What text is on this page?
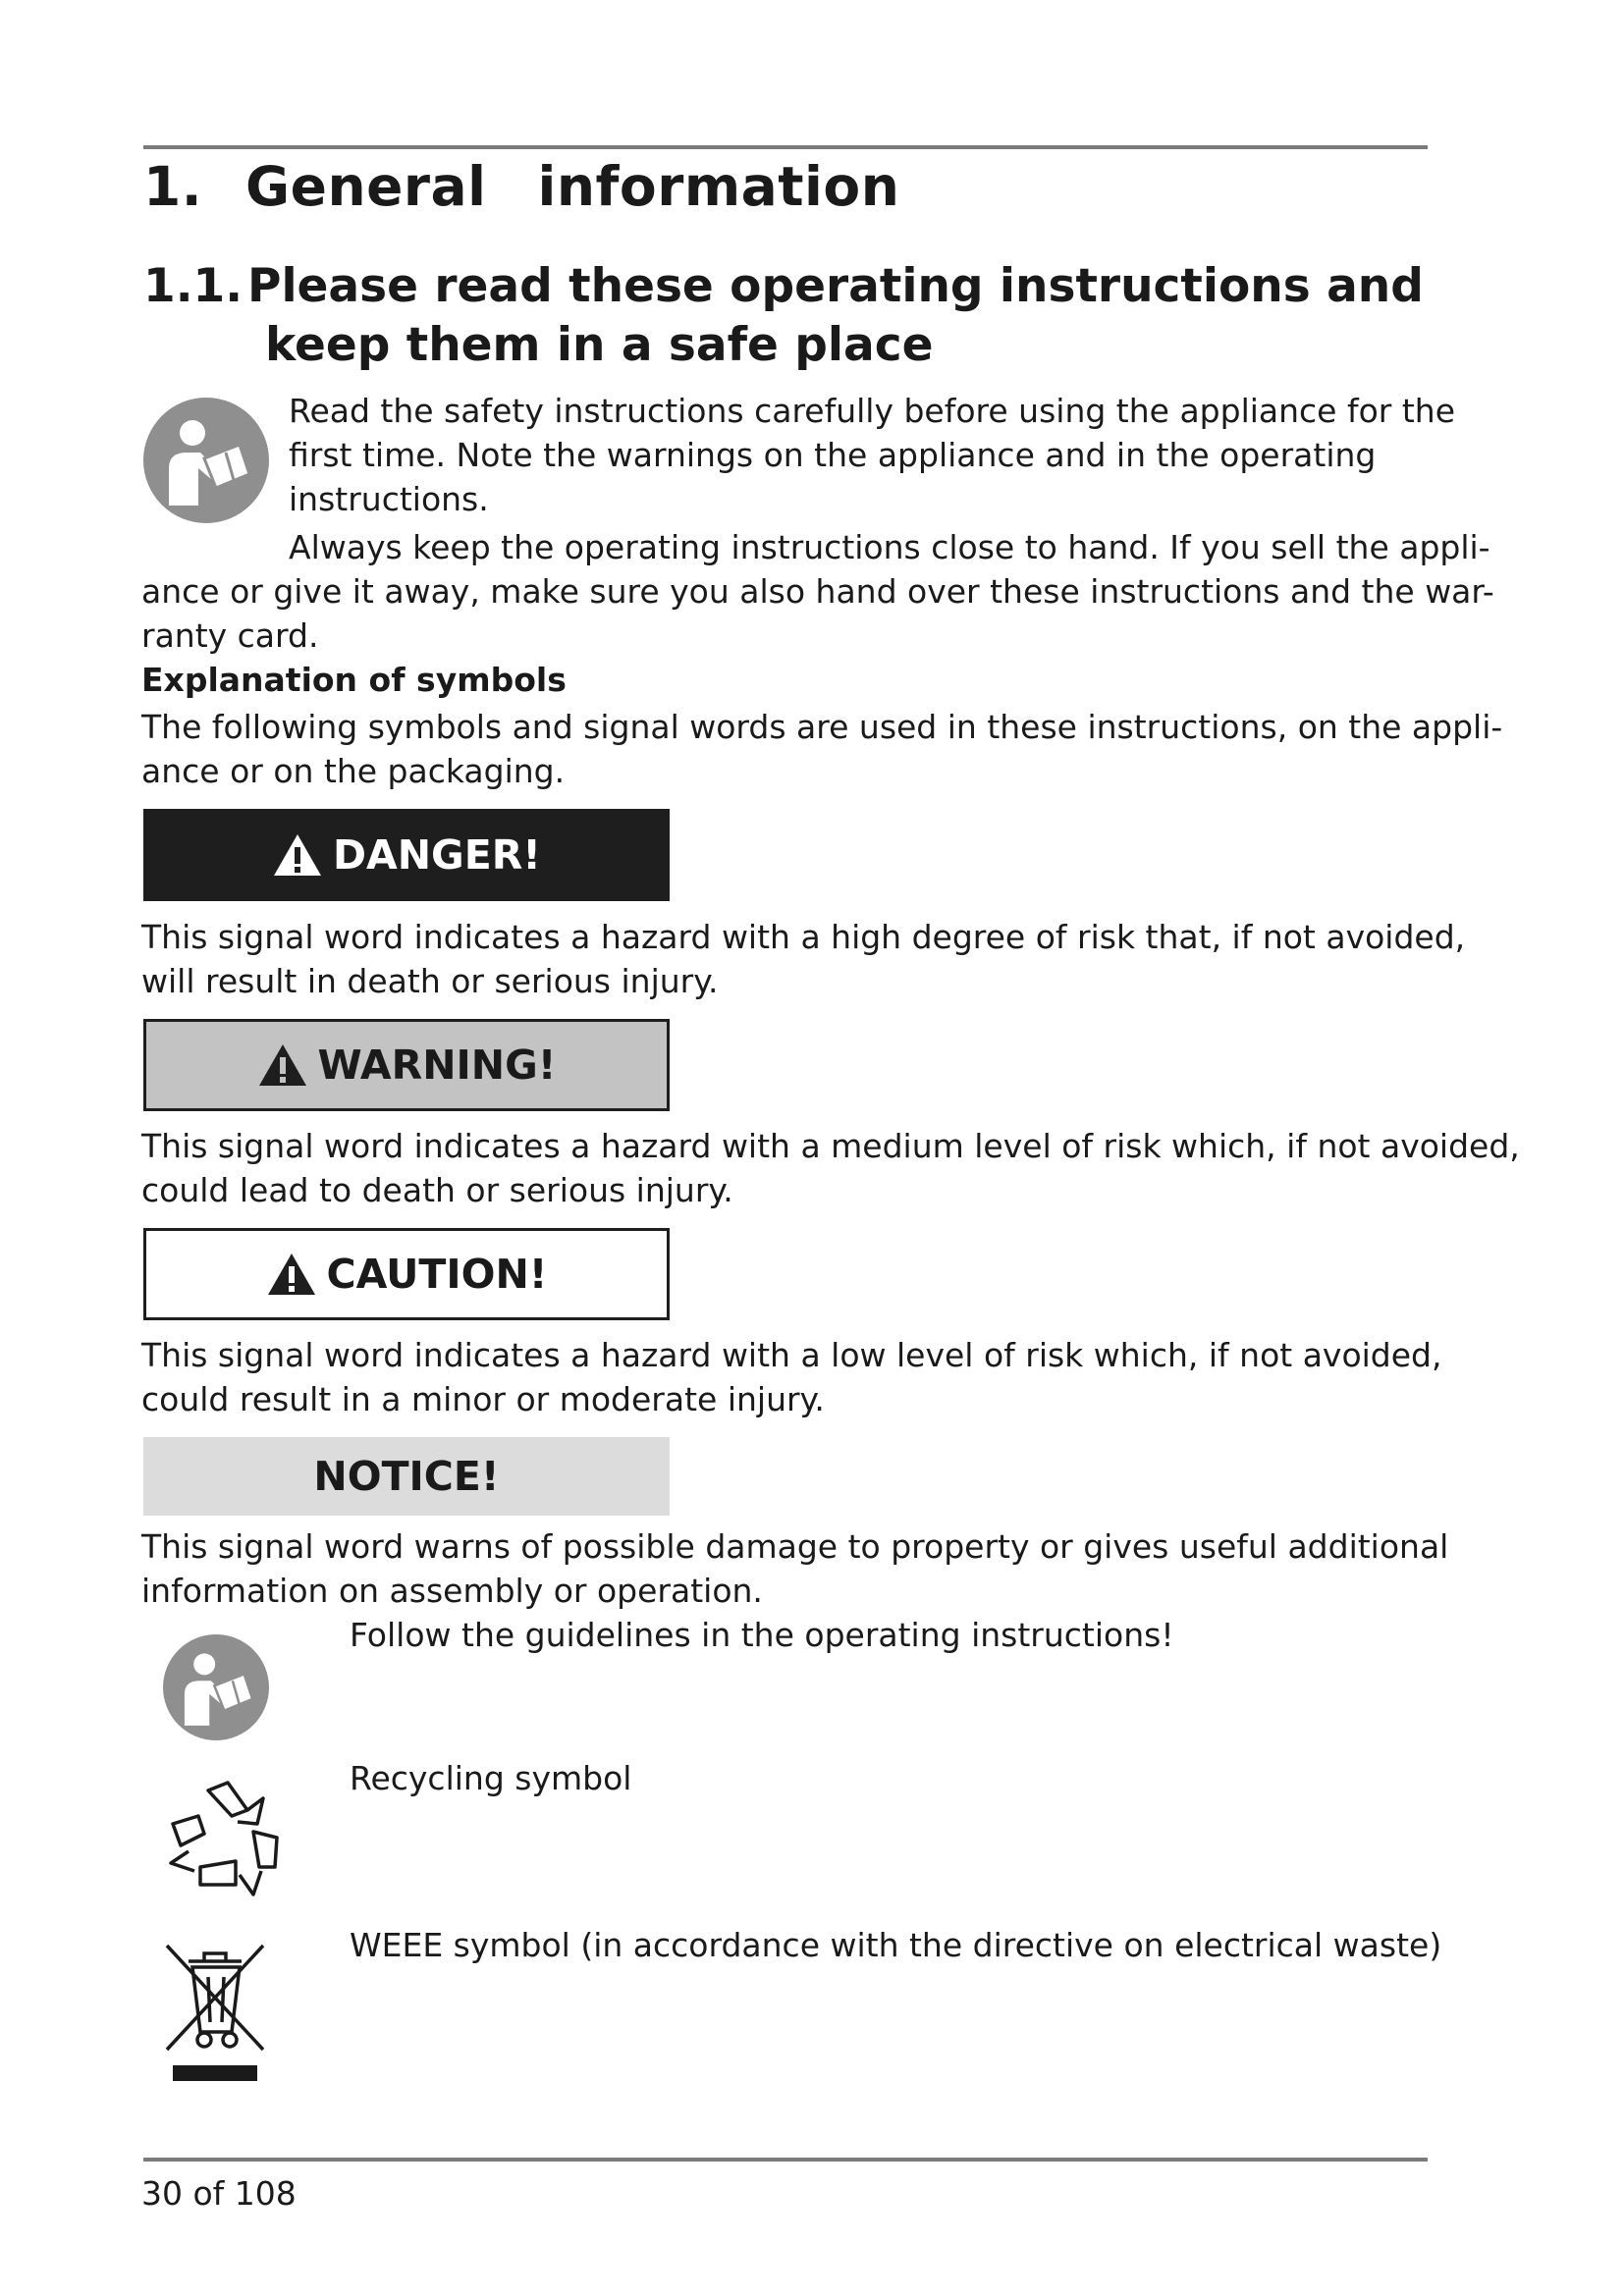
1. General information
1.1. Please read these operating instructions and
keep them in a safe place
Read the safety instructions carefully before using the appliance for the
first time. Note the warnings on the appliance and in the operating
instructions.
Always keep the operating instructions close to hand. If you sell the appli-
ance or give it away, make sure you also hand over these instructions and the war-
ranty card.
Explanation of symbols
The following symbols and signal words are used in these instructions, on the appli-
ance or on the packaging.
DANGER!
This signal word indicates a hazard with a high degree of risk that, if not avoided,
will result in death or serious injury.
WARNING!
This signal word indicates a hazard with a medium level of risk which, if not avoided,
could lead to death or serious injury.
CAUTION!
This signal word indicates a hazard with a low level of risk which, if not avoided,
could result in a minor or moderate injury.
NOTICE!
This signal word warns of possible damage to property or gives useful additional
information on assembly or operation.
Follow the guidelines in the operating instructions!
Recycling symbol
WEEE symbol (in accordance with the directive on electrical waste)
30 of 108
